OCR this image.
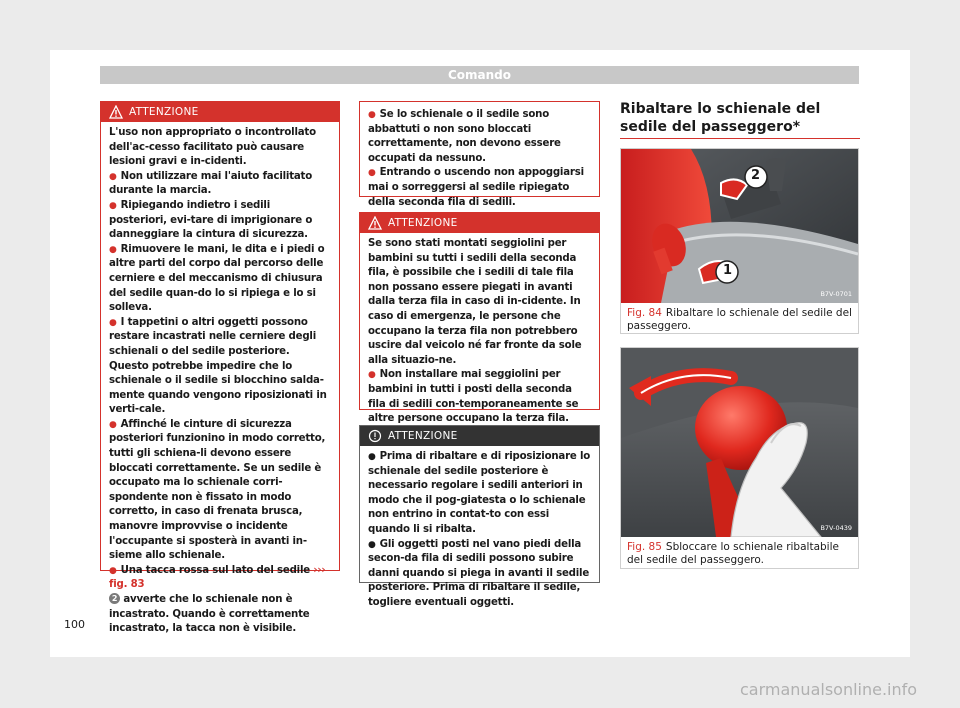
Comando
ATTENZIONE

L'uso non appropriato o incontrollato dell'ac-cesso facilitato può causare lesioni gravi e in-cidenti.

● Non utilizzare mai l'aiuto facilitato durante la marcia.

● Ripiegando indietro i sedili posteriori, evi-tare di imprigionare o danneggiare la cintura di sicurezza.

● Rimuovere le mani, le dita e i piedi o altre parti del corpo dal percorso delle cerniere e del meccanismo di chiusura del sedile quan-do lo si ripiega e lo si solleva.

● I tappetini o altri oggetti possono restare incastrati nelle cerniere degli schienali o del sedile posteriore. Questo potrebbe impedire che lo schienale o il sedile si blocchino salda-mente quando vengono riposizionati in verti-cale.

● Affinché le cinture di sicurezza posteriori funzionino in modo corretto, tutti gli schiena-li devono essere bloccati correttamente. Se un sedile è occupato ma lo schienale corri-spondente non è fissato in modo corretto, in caso di frenata brusca, manovre improvvise o incidente l'occupante si sposterà in avanti in-sieme allo schienale.

● Una tacca rossa sul lato del sedile ››› fig. 83
2 avverte che lo schienale non è incastrato. Quando è correttamente incastrato, la tacca non è visibile.

● Se lo schienale o il sedile sono abbattuti o non sono bloccati correttamente, non devono essere occupati da nessuno.

● Entrando o uscendo non appoggiarsi mai o sorreggersi al sedile ripiegato della seconda fila di sedili.

ATTENZIONE

Se sono stati montati seggiolini per bambini su tutti i sedili della seconda fila, è possibile che i sedili di tale fila non possano essere piegati in avanti dalla terza fila in caso di in-cidente. In caso di emergenza, le persone che occupano la terza fila non potrebbero uscire dal veicolo né far fronte da sole alla situazio-ne.

● Non installare mai seggiolini per bambini in tutti i posti della seconda fila di sedili con-temporaneamente se altre persone occupano la terza fila.

ATTENZIONE

● Prima di ribaltare e di riposizionare lo schienale del sedile posteriore è necessario regolare i sedili anteriori in modo che il pog-giatesta o lo schienale non entrino in contat-to con essi quando li si ribalta.

● Gli oggetti posti nel vano piedi della secon-da fila di sedili possono subire danni quando si piega in avanti il sedile posteriore. Prima di ribaltare il sedile, togliere eventuali oggetti.

Ribaltare lo schienale del sedile del passeggero*
2
1
B7V-0701
Fig. 84 Ribaltare lo schienale del sedile del passeggero.
B7V-0439
Fig. 85 Sbloccare lo schienale ribaltabile del sedile del passeggero.
100
carmanualsonline.info
